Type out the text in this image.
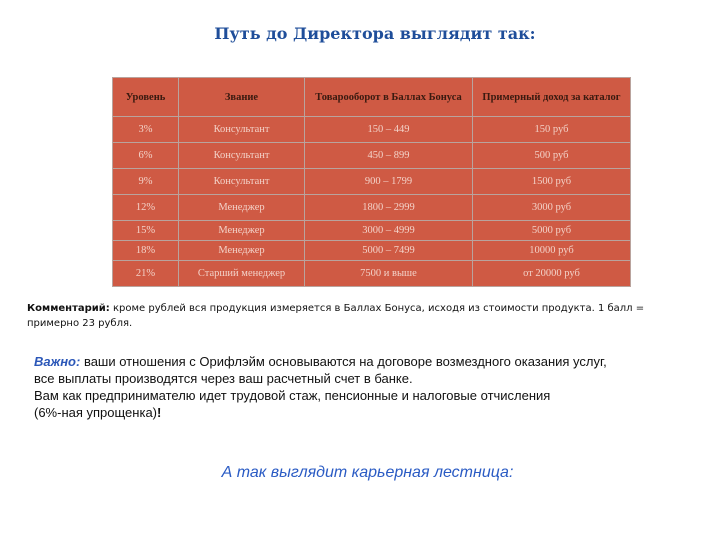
Путь до Директора выглядит так:
Уровень	Звание	Товарооборот в Баллах Бонуса	Примерный доход за каталог
3%	Консультант	150 – 449	150 руб
6%	Консультант	450 – 899	500 руб
9%	Консультант	900 – 1799	1500 руб
12%	Менеджер	1800 – 2999	3000 руб
15%	Менеджер	3000 – 4999	5000 руб
18%	Менеджер	5000 – 7499	10000 руб
21%	Старший менеджер	7500 и выше	от 20000 руб
Комментарий: кроме рублей вся продукция измеряется в Баллах Бонуса, исходя из стоимости продукта. 1 балл = примерно 23 рубля.
Важно: ваши отношения с Орифлэйм основываются на договоре возмездного оказания услуг,
все выплаты производятся через ваш расчетный счет в банке.
Вам как предпринимателю идет трудовой стаж, пенсионные и налоговые отчисления
(6%-ная упрощенка)!
А так выглядит карьерная лестница:
